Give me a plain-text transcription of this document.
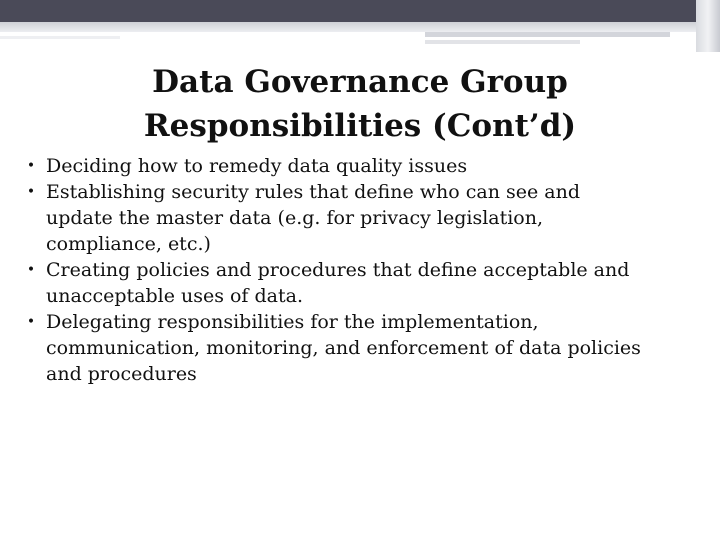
Data Governance Group
Responsibilities (Cont’d)
• Deciding how to remedy data quality issues
• Establishing security rules that define who can see and update the master data (e.g. for privacy legislation, compliance, etc.)
• Creating policies and procedures that define acceptable and unacceptable uses of data.
• Delegating responsibilities for the implementation, communication, monitoring, and enforcement of data policies and procedures
